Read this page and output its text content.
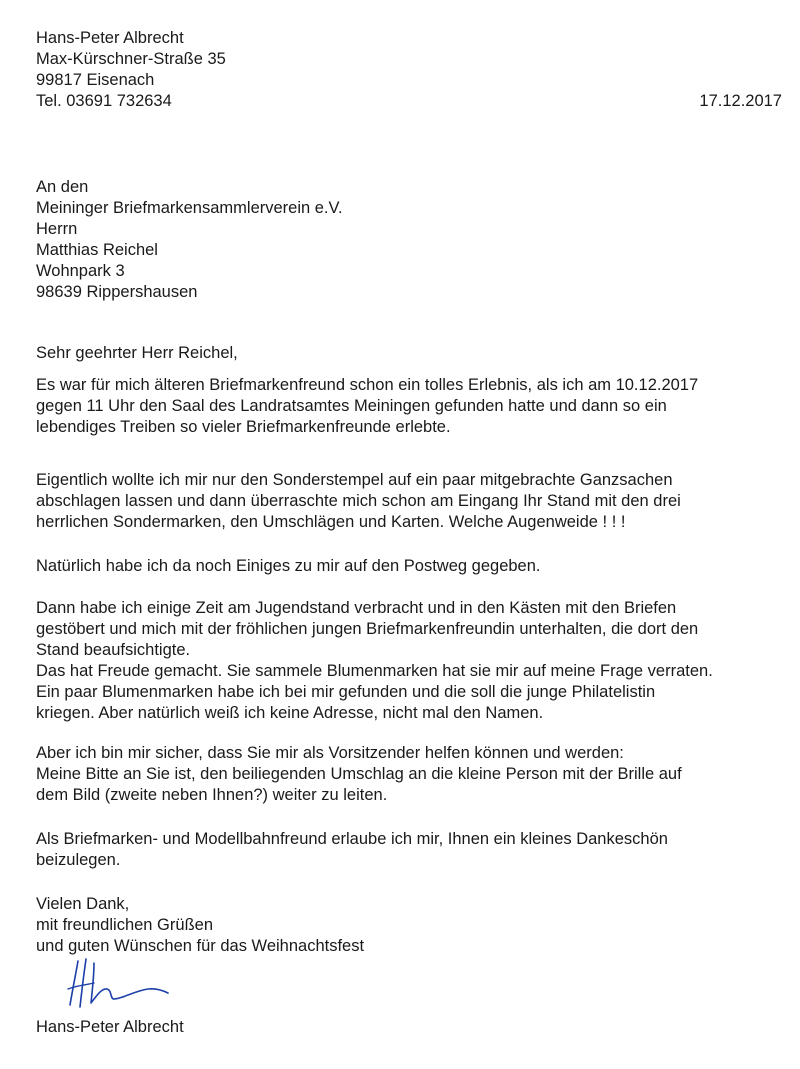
Hans-Peter Albrecht
Max-Kürschner-Straße 35
99817 Eisenach
Tel. 03691 732634	17.12.2017
An den
Meininger Briefmarkensammlerverein e.V.
Herrn
Matthias Reichel
Wohnpark 3
98639 Rippershausen
Sehr geehrter Herr Reichel,
Es war für mich älteren Briefmarkenfreund schon ein tolles Erlebnis, als ich am 10.12.2017
gegen 11 Uhr den Saal des Landratsamtes Meiningen gefunden hatte und dann so ein
lebendiges Treiben so vieler Briefmarkenfreunde erlebte.
Eigentlich wollte ich mir nur den Sonderstempel auf ein paar mitgebrachte Ganzsachen
abschlagen lassen und dann überraschte mich schon am Eingang Ihr Stand mit den drei
herrlichen Sondermarken, den Umschlägen und Karten. Welche Augenweide ! ! !
Natürlich habe ich da noch Einiges zu mir auf den Postweg gegeben.
Dann habe ich einige Zeit am Jugendstand verbracht und in den Kästen mit den Briefen
gestöbert und mich mit der fröhlichen jungen Briefmarkenfreundin unterhalten, die dort den
Stand beaufsichtigte.
Das hat Freude gemacht. Sie sammele Blumenmarken hat sie mir auf meine Frage verraten.
Ein paar Blumenmarken habe ich bei mir gefunden und die soll die junge Philatelistin
kriegen. Aber natürlich weiß ich keine Adresse, nicht mal den Namen.
Aber ich bin mir sicher, dass Sie mir als Vorsitzender helfen können und werden:
Meine Bitte an Sie ist, den beiliegenden Umschlag an die kleine Person mit der Brille auf
dem Bild (zweite neben Ihnen?) weiter zu leiten.
Als Briefmarken- und Modellbahnfreund erlaube ich mir, Ihnen ein kleines Dankeschön
beizulegen.
Vielen Dank,
mit freundlichen Grüßen
und guten Wünschen für das Weihnachtsfest
Hans-Peter Albrecht
